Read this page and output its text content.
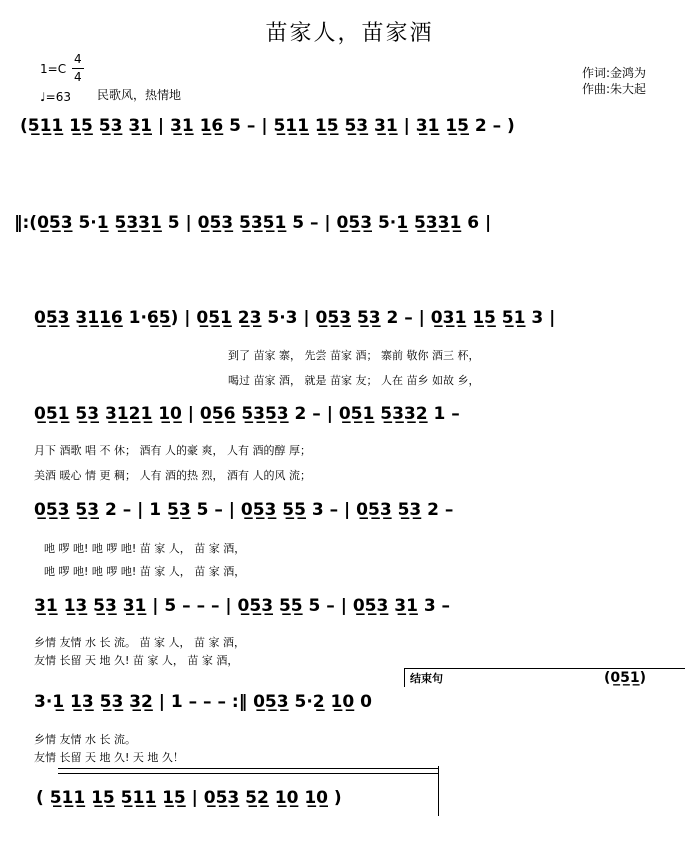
苗家人，苗家酒
1=C
4
4
♩=63 民歌风，热情地
作词:金鸿为
作曲:朱大起
(5̲1̲1̲ 1̲5̲ 5̲3̲ 3̲1̲ | 3̲1̲ 1̲6̲ 5 – | 5̲1̲1̲ 1̲5̲ 5̲3̲ 3̲1̲ | 3̲1̲ 1̲5̲ 2 – )
‖:(0̲5̲3̲ 5·1̲ 5̲3̲3̲1̲ 5 | 0̲5̲3̲ 5̲3̲5̲1̲ 5 – | 0̲5̲3̲ 5·1̲ 5̲3̲3̲1̲ 6 |
0̲5̲3̲ 3̲1̲1̲6̲ 1·6̲5̲) | 0̲5̲1̲ 2̲3̲ 5·3 | 0̲5̲3̲ 5̲3̲ 2 – | 0̲3̲1̲ 1̲5̲ 5̲1̲ 3 |
到了 苗家 寨， 先尝 苗家 酒； 寨前 敬你 酒三 杯，
喝过 苗家 酒， 就是 苗家 友； 人在 苗乡 如故 乡，
0̲5̲1̲ 5̲3̲ 3̲1̲2̲1̲ 1̲0̲ | 0̲5̲6̲ 5̲3̲5̲3̲ 2 – | 0̲5̲1̲ 5̲3̲3̲2̲ 1 –
月下 酒歌 唱 不 休； 酒有 人的豪 爽， 人有 酒的醇 厚；
美酒 暖心 情 更 稠； 人有 酒的热 烈， 酒有 人的风 流；
0̲5̲3̲ 5̲3̲ 2 – | 1 5̲3̲ 5 – | 0̲5̲3̲ 5̲5̲ 3 – | 0̲5̲3̲ 5̲3̲ 2 –
吔 啰 吔! 吔 啰 吔! 苗 家 人， 苗 家 酒，
吔 啰 吔! 吔 啰 吔! 苗 家 人， 苗 家 酒，
3̲1̲ 1̲3̲ 5̲3̲ 3̲1̲ | 5 – – – | 0̲5̲3̲ 5̲5̲ 5 – | 0̲5̲3̲ 3̲1̲ 3 –
乡情 友情 水 长 流。 苗 家 人， 苗 家 酒，
友情 长留 天 地 久! 苗 家 人， 苗 家 酒，
结束句	(0̲5̲1̲)
3·1̲ 1̲3̲ 5̲3̲ 3̲2̲ | 1 – – – :‖ 0̲5̲3̲ 5·2̲ 1̲0̲ 0
乡情 友情 水 长 流。
友情 长留 天 地 久! 天 地 久！
( 5̲1̲1̲ 1̲5̲ 5̲1̲1̲ 1̲5̲ | 0̲5̲3̲ 5̲2̲ 1̲0̲ 1̲0̲ )
